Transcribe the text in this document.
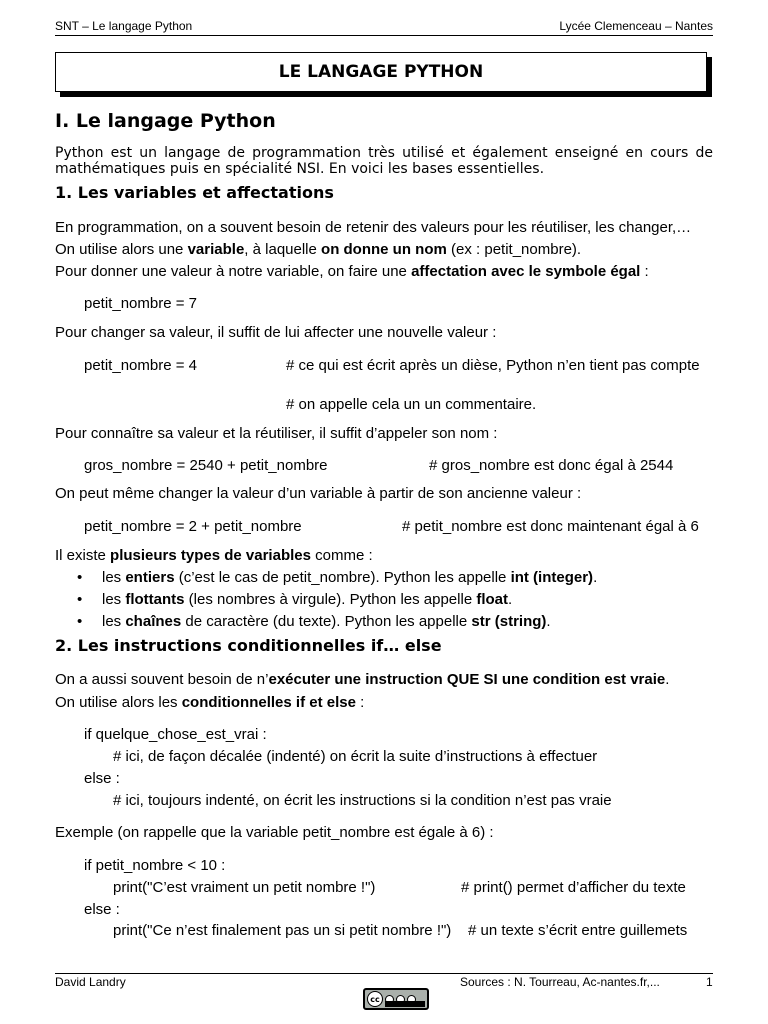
SNT – Le langage Python	Lycée Clemenceau – Nantes
LE LANGAGE PYTHON
I. Le langage Python
Python est un langage de programmation très utilisé et également enseigné en cours de mathématiques puis en spécialité NSI. En voici les bases essentielles.
1. Les variables et affectations
En programmation, on a souvent besoin de retenir des valeurs pour les réutiliser, les changer,…
On utilise alors une variable, à laquelle on donne un nom (ex : petit_nombre).
Pour donner une valeur à notre variable, on faire une affectation avec le symbole égal :
petit_nombre = 7
Pour changer sa valeur, il suffit de lui affecter une nouvelle valeur :
petit_nombre = 4	# ce qui est écrit après un dièse, Python n’en tient pas compte
# on appelle cela un un commentaire.
Pour connaître sa valeur et la réutiliser, il suffit d’appeler son nom :
gros_nombre = 2540 + petit_nombre	# gros_nombre est donc égal à 2544
On peut même changer la valeur d’un variable à partir de son ancienne valeur :
petit_nombre = 2 + petit_nombre	# petit_nombre est donc maintenant égal à 6
Il existe plusieurs types de variables comme :
• les entiers (c’est le cas de petit_nombre). Python les appelle int (integer).
• les flottants (les nombres à virgule). Python les appelle float.
• les chaînes de caractère (du texte). Python les appelle str (string).
2. Les instructions conditionnelles if… else
On a aussi souvent besoin de n’exécuter une instruction QUE SI une condition est vraie.
On utilise alors les conditionnelles if et else :
if quelque_chose_est_vrai :
# ici, de façon décalée (indenté) on écrit la suite d’instructions à effectuer
else :
# ici, toujours indenté, on écrit les instructions si la condition n’est pas vraie
Exemple (on rappelle que la variable petit_nombre est égale à 6) :
if petit_nombre < 10 :
print("C’est vraiment un petit nombre !")	# print() permet d’afficher du texte
else :
print("Ce n’est finalement pas un si petit nombre !") # un texte s’écrit entre guillemets
David Landry	Sources : N. Tourreau, Ac-nantes.fr,...	1
cc
